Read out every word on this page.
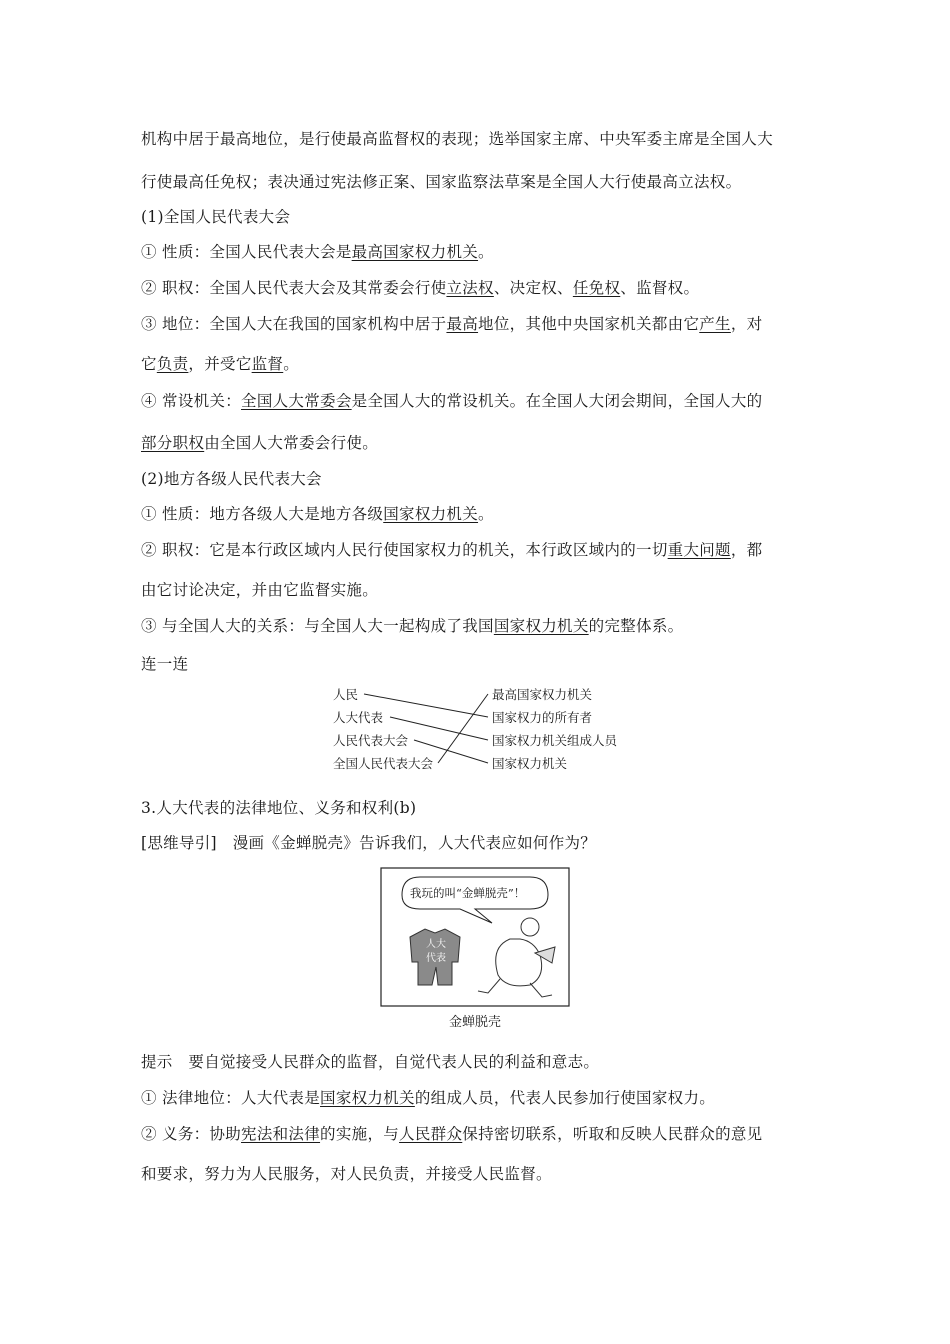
机构中居于最高地位，是行使最高监督权的表现；选举国家主席、中央军委主席是全国人大
行使最高任免权；表决通过宪法修正案、国家监察法草案是全国人大行使最高立法权。
(1)全国人民代表大会
① 性质：全国人民代表大会是最高国家权力机关。
② 职权：全国人民代表大会及其常委会行使立法权、决定权、任免权、监督权。
③ 地位：全国人大在我国的国家机构中居于最高地位，其他中央国家机关都由它产生，对
它负责，并受它监督。
④ 常设机关：全国人大常委会是全国人大的常设机关。在全国人大闭会期间，全国人大的
部分职权由全国人大常委会行使。
(2)地方各级人民代表大会
① 性质：地方各级人大是地方各级国家权力机关。
② 职权：它是本行政区域内人民行使国家权力的机关，本行政区域内的一切重大问题，都
由它讨论决定，并由它监督实施。
③ 与全国人大的关系：与全国人大一起构成了我国国家权力机关的完整体系。
连一连
人民
人大代表
人民代表大会
全国人民代表大会
最高国家权力机关
国家权力的所有者
国家权力机关组成人员
国家权力机关
3.人大代表的法律地位、义务和权利(b)
[思维导引]　漫画《金蝉脱壳》告诉我们，人大代表应如何作为？
我玩的叫“金蝉脱壳”！
人大
代表
金蝉脱壳
提示　要自觉接受人民群众的监督，自觉代表人民的利益和意志。
① 法律地位：人大代表是国家权力机关的组成人员，代表人民参加行使国家权力。
② 义务：协助宪法和法律的实施，与人民群众保持密切联系，听取和反映人民群众的意见
和要求，努力为人民服务，对人民负责，并接受人民监督。
